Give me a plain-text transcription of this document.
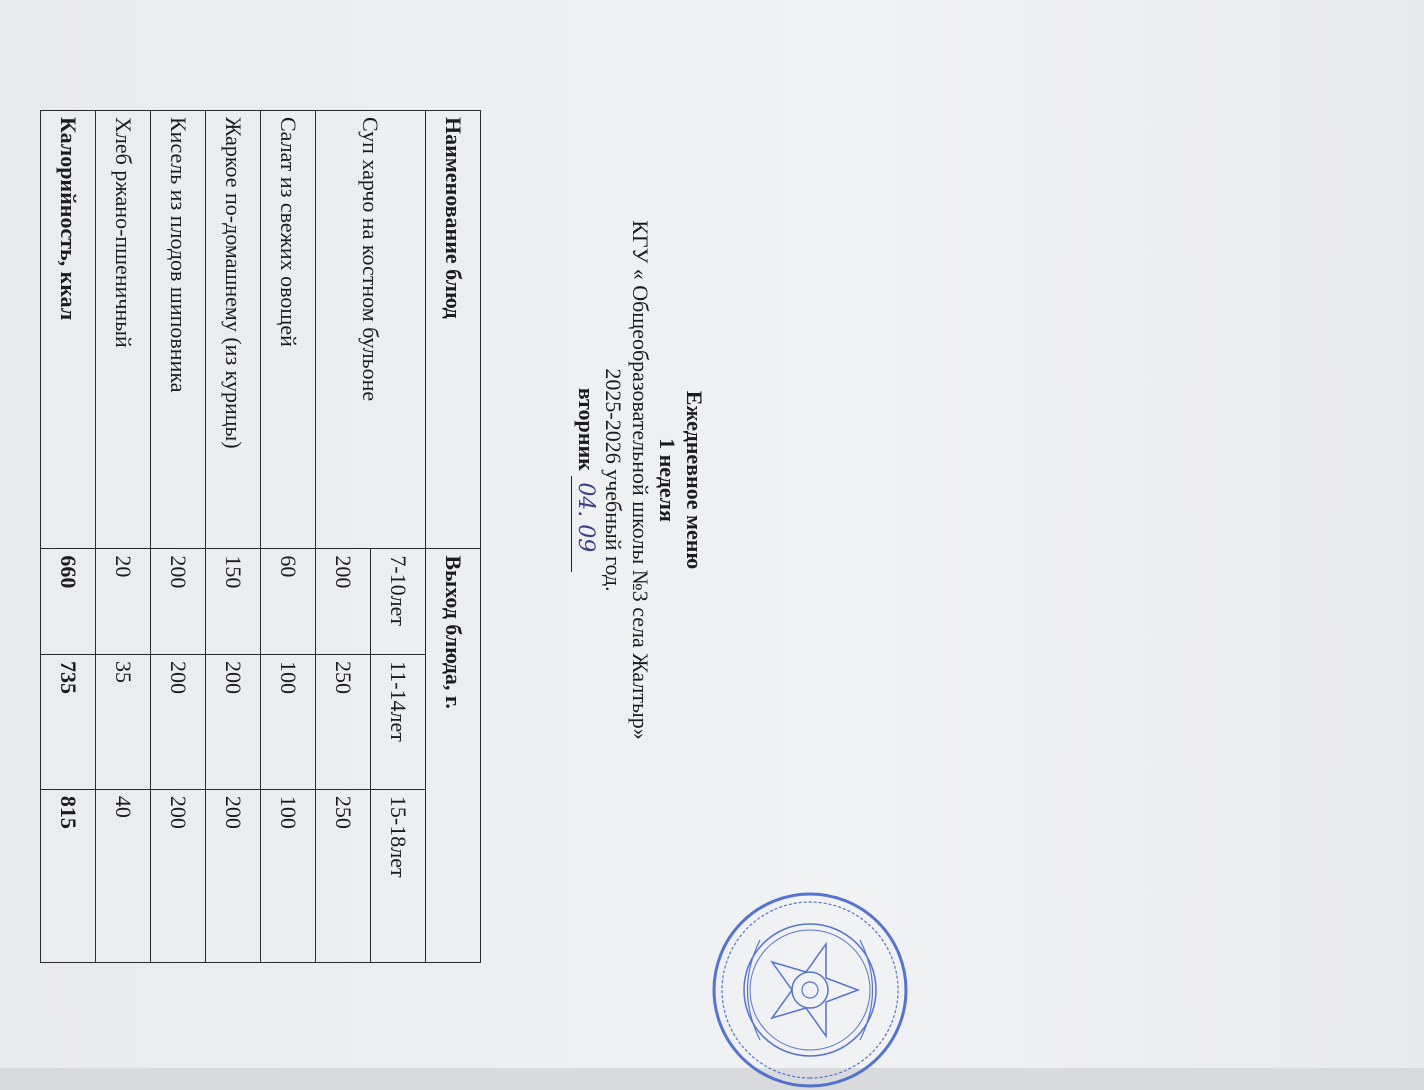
Ежедневное меню
1 неделя
КГУ « Общеобразовательной школы №3 села Жалтыр»
2025-2026 учебный год.
вторник 04. 09
Наименование блюд	Выход блюда, г.		
Суп харчо на костном бульоне	7-10лет	11-14лет	15-18лет
	200	250	250
Салат из свежих овощей	60	100	100
Жаркое по-домашнему (из курицы)	150	200	200
Кисель из плодов шиповника	200	200	200
Хлеб ржано-пшеничный	20	35	40
Калорийность, ккал	660	735	815
